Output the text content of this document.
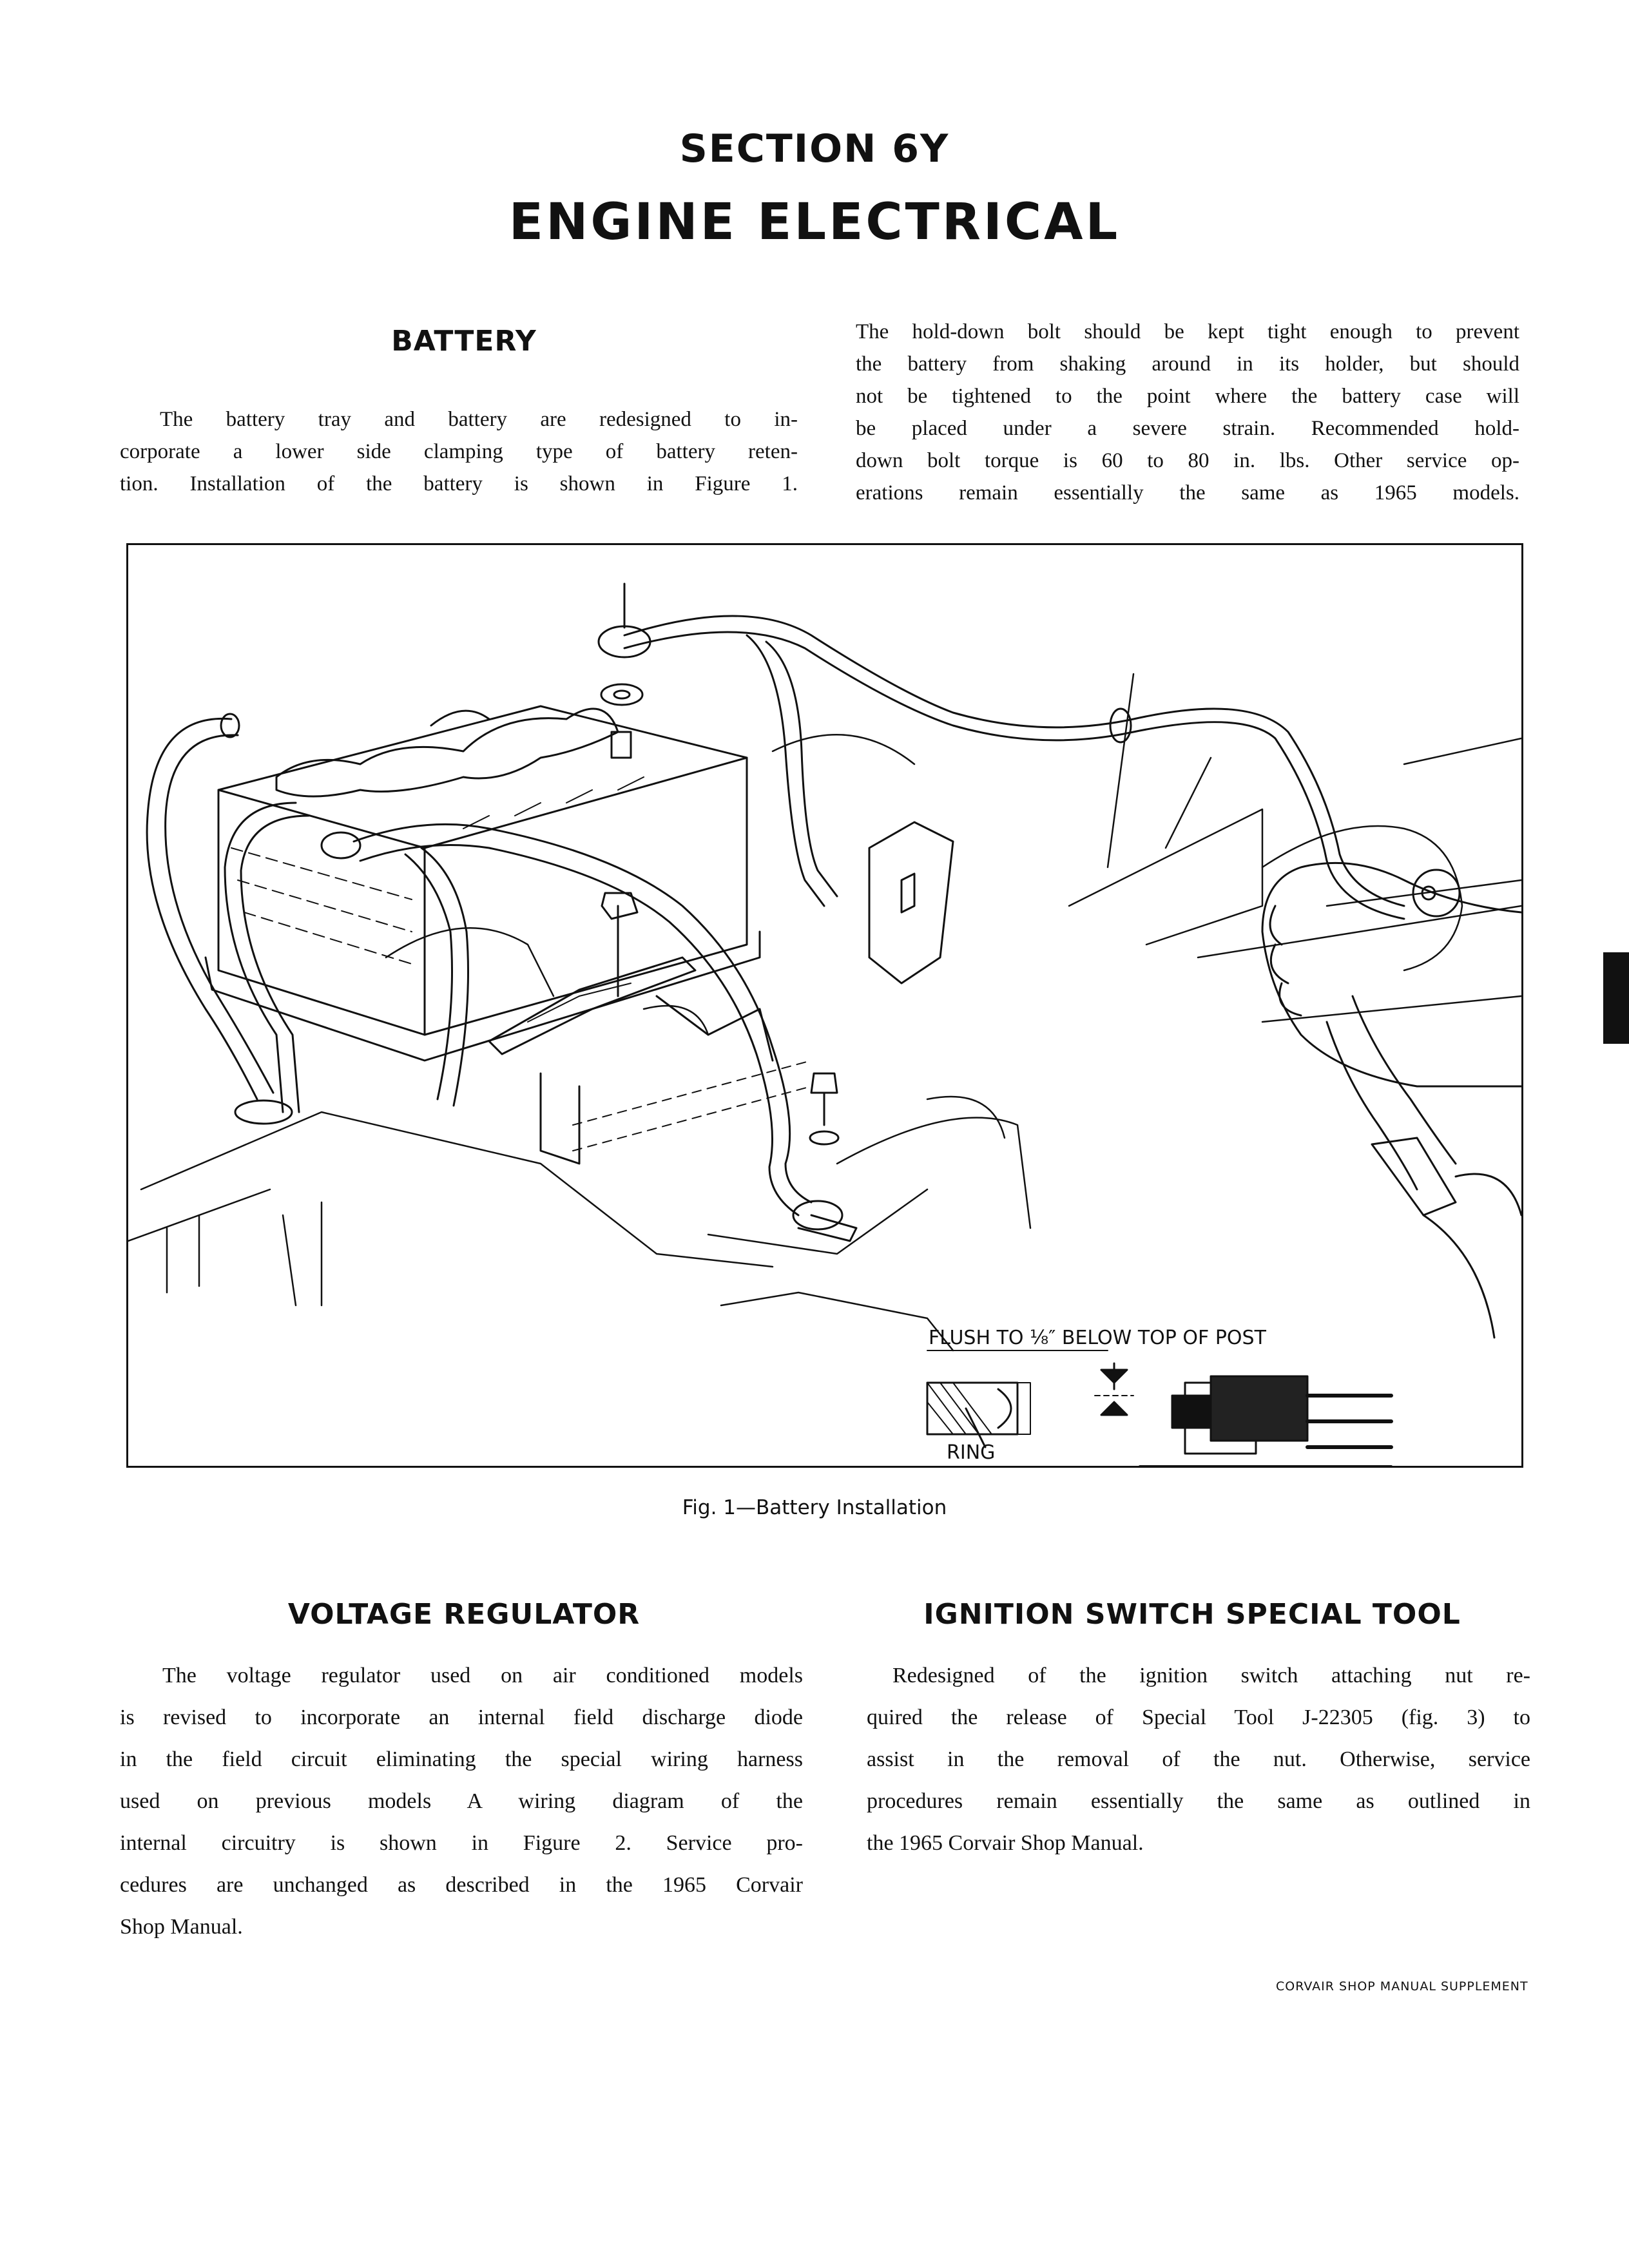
SECTION 6Y
ENGINE ELECTRICAL
BATTERY
The battery tray and battery are redesigned to in-
corporate a lower side clamping type of battery reten-
tion. Installation of the battery is shown in Figure 1.
The hold-down bolt should be kept tight enough to prevent
the battery from shaking around in its holder, but should
not be tightened to the point where the battery case will
be placed under a severe strain. Recommended hold-
down bolt torque is 60 to 80 in. lbs. Other service op-
erations remain essentially the same as 1965 models.
FLUSH TO ⅛″ BELOW TOP OF POST
RING
Fig. 1—Battery Installation
VOLTAGE REGULATOR
The voltage regulator used on air conditioned models
is revised to incorporate an internal field discharge diode
in the field circuit eliminating the special wiring harness
used on previous models A wiring diagram of the
internal circuitry is shown in Figure 2. Service pro-
cedures are unchanged as described in the 1965 Corvair
Shop Manual.
IGNITION SWITCH SPECIAL TOOL
Redesigned of the ignition switch attaching nut re-
quired the release of Special Tool J-22305 (fig. 3) to
assist in the removal of the nut. Otherwise, service
procedures remain essentially the same as outlined in
the 1965 Corvair Shop Manual.
CORVAIR SHOP MANUAL SUPPLEMENT
